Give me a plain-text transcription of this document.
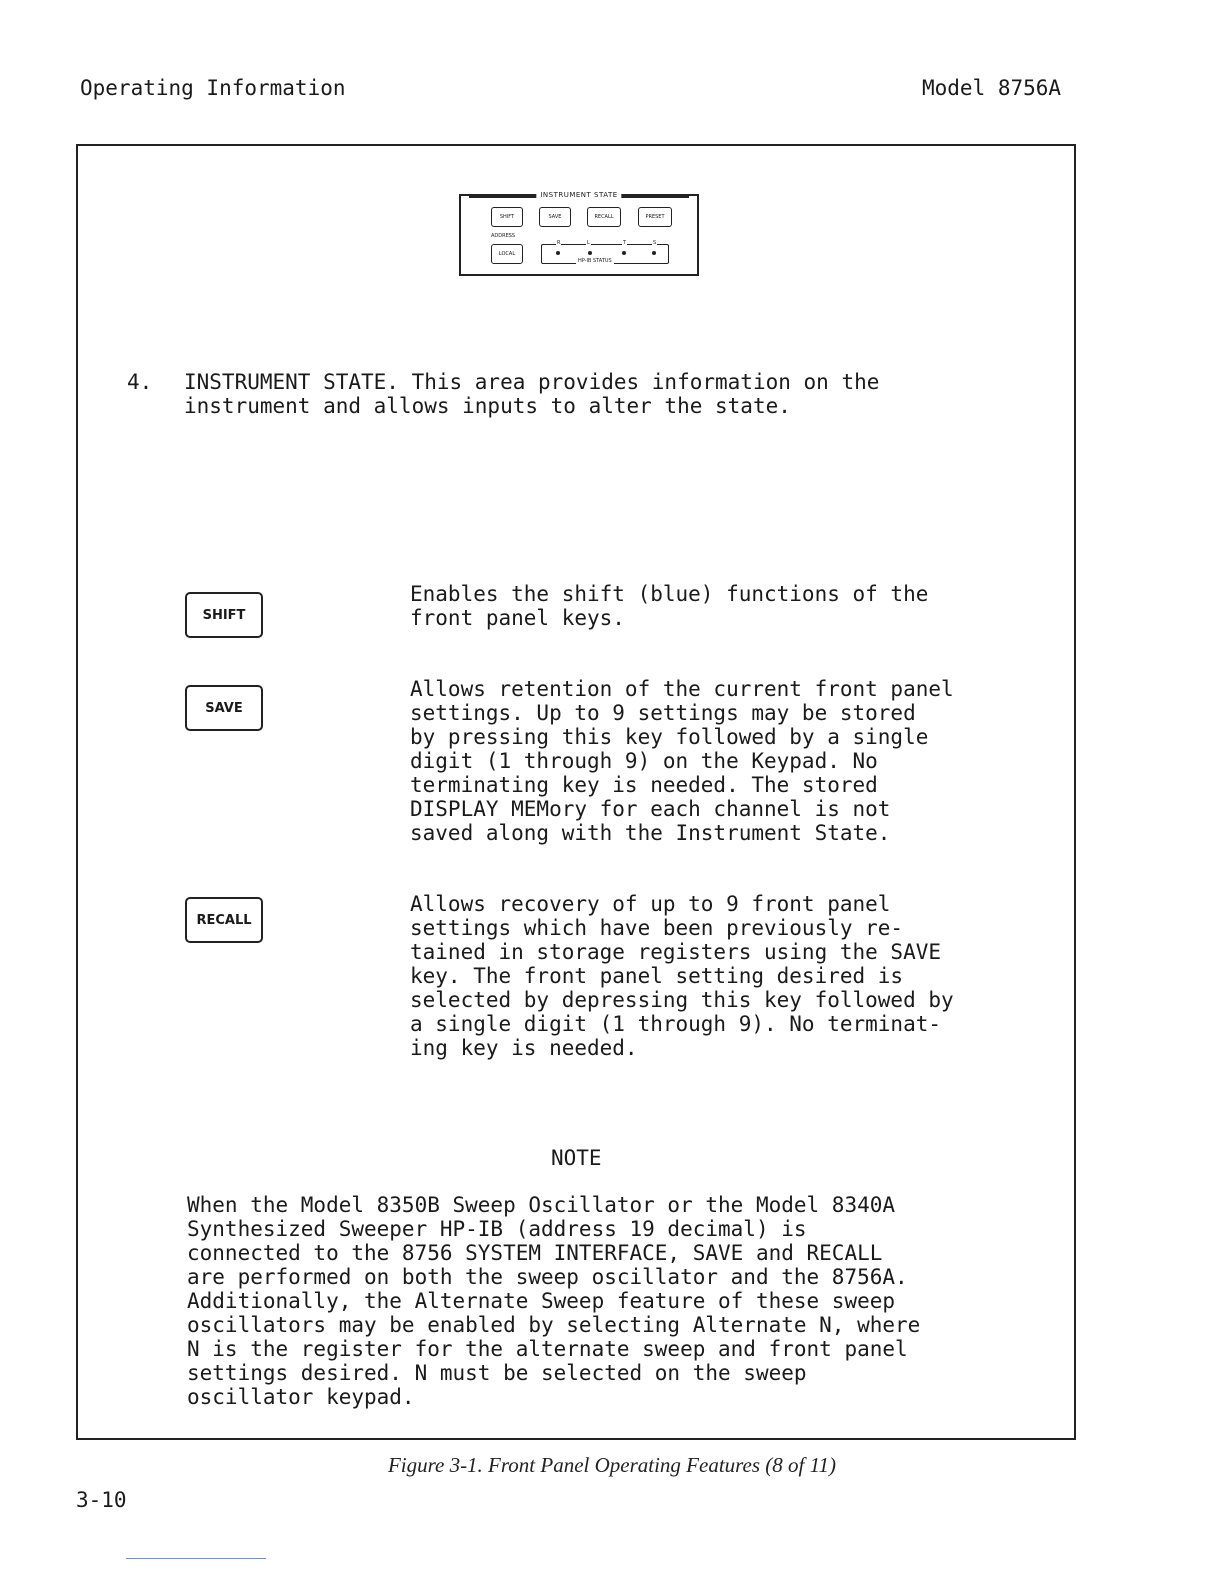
Operating Information	Model 8756A
INSTRUMENT STATE
SHIFT	SAVE	RECALL	PRESET
ADDRESS
LOCAL
R	L	T	S
HP-IB STATUS
4. INSTRUMENT STATE. This area provides information on the
instrument and allows inputs to alter the state.
SHIFT
Enables the shift (blue) functions of the
front panel keys.
SAVE
Allows retention of the current front panel
settings. Up to 9 settings may be stored
by pressing this key followed by a single
digit (1 through 9) on the Keypad. No
terminating key is needed. The stored
DISPLAY MEMory for each channel is not
saved along with the Instrument State.
RECALL
Allows recovery of up to 9 front panel
settings which have been previously re-
tained in storage registers using the SAVE
key. The front panel setting desired is
selected by depressing this key followed by
a single digit (1 through 9). No terminat-
ing key is needed.
NOTE
When the Model 8350B Sweep Oscillator or the Model 8340A
Synthesized Sweeper HP-IB (address 19 decimal) is
connected to the 8756 SYSTEM INTERFACE, SAVE and RECALL
are performed on both the sweep oscillator and the 8756A.
Additionally, the Alternate Sweep feature of these sweep
oscillators may be enabled by selecting Alternate N, where
N is the register for the alternate sweep and front panel
settings desired. N must be selected on the sweep
oscillator keypad.
Figure 3-1. Front Panel Operating Features (8 of 11)
3-10
